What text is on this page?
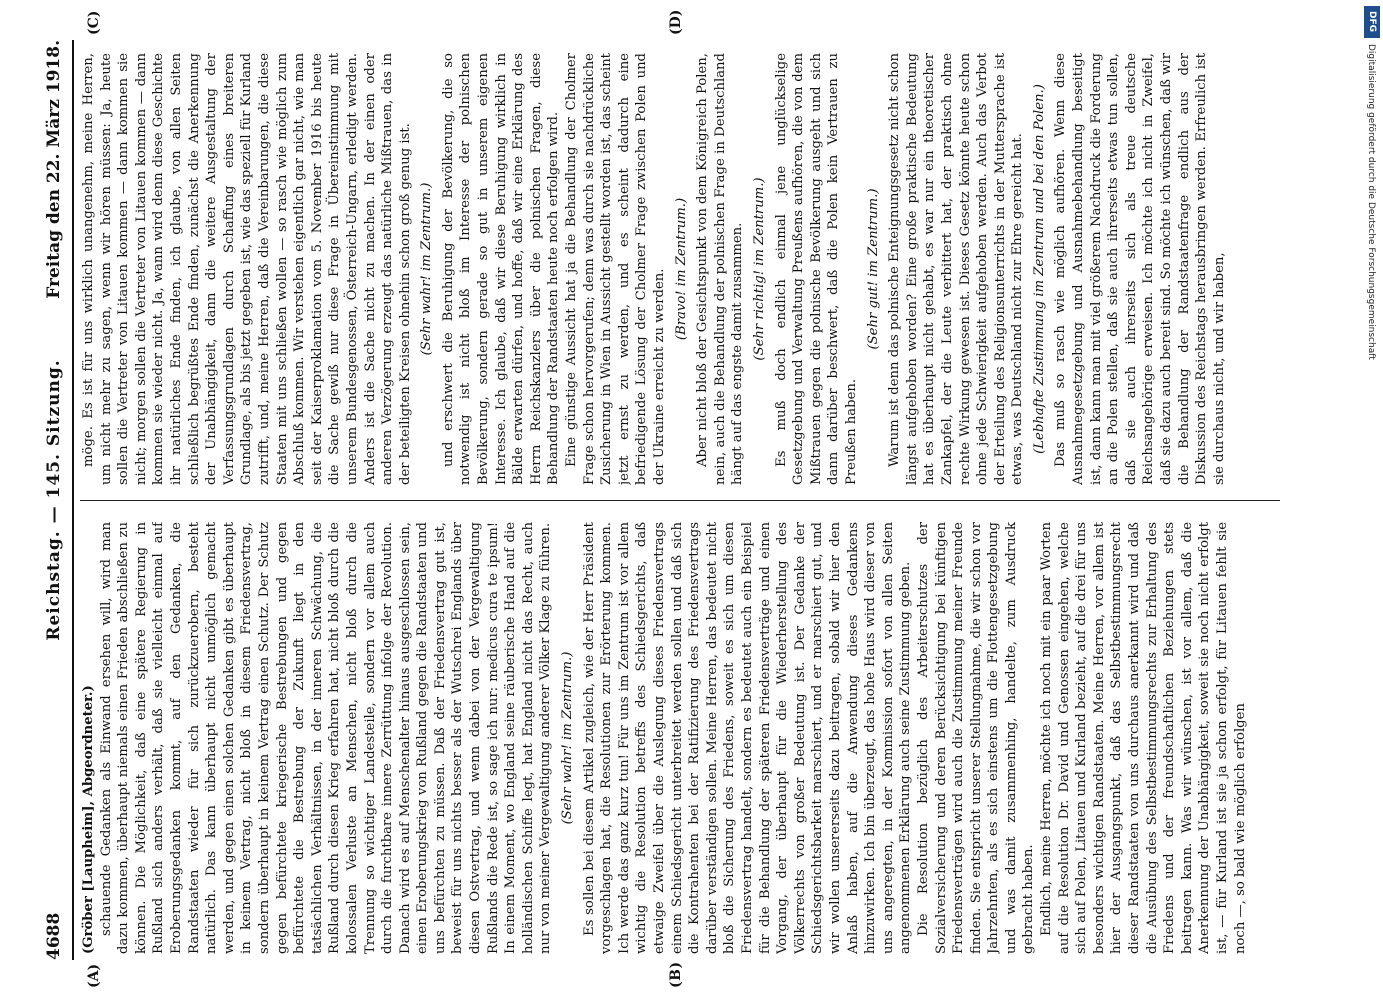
4688
Reichstag. — 145. Sitzung.
Freitag den 22. März 1918.
(A)	(B)
(C)	(D)

(Gröber [Laupheim], Abgeordneter.) schauende Gedanken als Einwand ersehen will, wird man dazu kommen, überhaupt niemals einen Frieden abschließen zu können. Die Möglichkeit, daß eine spätere Regierung in Rußland sich anders verhält, daß sie vielleicht einmal auf Eroberungsgedanken kommt, auf den Gedanken, die Randstaaten wieder für sich zurückzuerobern, besteht natürlich. Das kann überhaupt nicht unmöglich gemacht werden, und gegen einen solchen Gedanken gibt es überhaupt in keinem Vertrag, nicht bloß in diesem Friedensvertrag, sondern überhaupt in keinem Vertrag einen Schutz. Der Schutz gegen befürchtete kriegerische Bestrebungen und gegen befürchtete die Bestrebung der Zukunft liegt in den tatsächlichen Verhältnissen, in der inneren Schwächung, die Rußland durch diesen Krieg erfahren hat, nicht bloß durch die kolossalen Verluste an Menschen, nicht bloß durch die Trennung so wichtiger Landesteile, sondern vor allem auch durch die furchtbare innere Zerrüttung infolge der Revolution. Danach wird es auf Menschenalter hinaus ausgeschlossen sein, einen Eroberungskrieg von Rußland gegen die Randstaaten und uns befürchten zu müssen. Daß der Friedensvertrag gut ist, beweist für uns nichts besser als der Wutschrei Englands über diesen Ostvertrag, und wenn dabei von der Vergewaltigung Rußlands die Rede ist, so sage ich nur: medicus cura te ipsum! In einem Moment, wo England seine räuberische Hand auf die holländischen Schiffe legt, hat England nicht das Recht, auch nur von meiner Vergewaltigung anderer Völker Klage zu führen. (Sehr wahr! im Zentrum.) Es sollen bei diesem Artikel zugleich, wie der Herr Präsident vorgeschlagen hat, die Resolutionen zur Erörterung kommen. Ich werde das ganz kurz tun! Für uns im Zentrum ist vor allem wichtig die Resolution betreffs des Schiedsgerichts, daß etwaige Zweifel über die Auslegung dieses Friedensvertrags einem Schiedsgericht unterbreitet werden sollen und daß sich die Kontrahenten bei der Ratifizierung des Friedensvertrags darüber verständigen sollen. Meine Herren, das bedeutet nicht bloß die Sicherung des Friedens, soweit es sich um diesen Friedensvertrag handelt, sondern es bedeutet auch ein Beispiel für die Behandlung der späteren Friedensverträge und einen Vorgang, der überhaupt für die Wiederherstellung des Völkerrechts von großer Bedeutung ist. Der Gedanke der Schiedsgerichtsbarkeit marschiert, und er marschiert gut, und wir wollen unsererseits dazu beitragen, sobald wir hier den Anlaß haben, auf die Anwendung dieses Gedankens hinzuwirken. Ich bin überzeugt, das hohe Haus wird dieser von uns angeregten, in der Kommission sofort von allen Seiten angenommenen Erklärung auch seine Zustimmung geben. Die Resolution bezüglich des Arbeiterschutzes der Sozialversicherung und deren Berücksichtigung bei künftigen Friedensverträgen wird auch die Zustimmung meiner Freunde finden. Sie entspricht unserer Stellungnahme, die wir schon vor Jahrzehnten, als es sich einstens um die Flottengesetzgebung und was damit zusammenhing, handelte, zum Ausdruck gebracht haben. Endlich, meine Herren, möchte ich noch mit ein paar Worten auf die Resolution Dr. David und Genossen eingehen, welche sich auf Polen, Litauen und Kurland bezieht, auf die drei für uns besonders wichtigen Randstaaten. Meine Herren, vor allem ist hier der Ausgangspunkt, daß das Selbstbestimmungsrecht dieser Randstaaten von uns durchaus anerkannt wird und daß die Ausübung des Selbstbestimmungsrechts zur Erhaltung des Friedens und der freundschaftlichen Beziehungen stets beitragen kann. Was wir wünschen, ist vor allem, daß die Anerkennung der Unabhängigkeit, soweit sie noch nicht erfolgt ist, — für Kurland ist sie ja schon erfolgt, für Litauen fehlt sie noch —, so bald wie möglich erfolgen

möge. Es ist für uns wirklich unangenehm, meine Herren, um nicht mehr zu sagen, wenn wir hören müssen: Ja, heute sollen die Vertreter von Litauen kommen — dann kommen sie nicht; morgen sollen die Vertreter von Litauen kommen — dann kommen sie wieder nicht. Ja, wann wird denn diese Geschichte ihr natürliches Ende finden, ich glaube, von allen Seiten schließlich begrüßtes Ende finden, zunächst die Anerkennung der Unabhängigkeit, dann die weitere Ausgestaltung der Verfassungsgrundlagen durch Schaffung eines breiteren Grundlage, als bis jetzt gegeben ist, wie das speziell für Kurland zutrifft, und, meine Herren, daß die Vereinbarungen, die diese Staaten mit uns schließen wollen — so rasch wie möglich zum Abschluß kommen. Wir verstehen eigentlich gar nicht, wie man seit der Kaiserproklamation vom 5. November 1916 bis heute die Sache gewiß nur diese Frage in Übereinstimmung mit unserem Bundesgenossen, Österreich-Ungarn, erledigt werden. Anders ist die Sache nicht zu machen. In der einen oder anderen Verzögerung erzeugt das natürliche Mißtrauen, das in der beteiligten Kreisen ohnehin schon groß genug ist. (Sehr wahr! im Zentrum.) und erschwert die Beruhigung der Bevölkerung, die so notwendig ist nicht bloß im Interesse der polnischen Bevölkerung, sondern gerade so gut in unserem eigenen Interesse. Ich glaube, daß wir diese Beruhigung wirklich in Bälde erwarten dürfen, und hoffe, daß wir eine Erklärung des Herrn Reichskanzlers über die polnischen Fragen, diese Behandlung der Randstaaten heute noch erfolgen wird. Eine günstige Aussicht hat ja die Behandlung der Cholmer Frage schon hervorgerufen; denn was durch sie nachdrückliche Zusicherung in Wien in Aussicht gestellt worden ist, das scheint jetzt ernst zu werden, und es scheint dadurch eine befriedigende Lösung der Cholmer Frage zwischen Polen und der Ukraine erreicht zu werden. (Bravo! im Zentrum.) Aber nicht bloß der Gesichtspunkt von dem Königreich Polen, nein, auch die Behandlung der polnischen Frage in Deutschland hängt auf das engste damit zusammen. (Sehr richtig! im Zentrum.) Es muß doch endlich einmal jene unglückselige Gesetzgebung und Verwaltung Preußens aufhören, die von dem Mißtrauen gegen die polnische Bevölkerung ausgeht und sich dann darüber beschwert, daß die Polen kein Vertrauen zu Preußen haben.

(Sehr gut! im Zentrum.) Warum ist denn das polnische Enteignungsgesetz nicht schon längst aufgehoben worden? Eine große praktische Bedeutung hat es überhaupt nicht gehabt, es war nur ein theoretischer Zankapfel, der die Leute verbittert hat, der praktisch ohne rechte Wirkung gewesen ist. Dieses Gesetz könnte heute schon ohne jede Schwierigkeit aufgehoben werden. Auch das Verbot der Erteilung des Religionsunterrichts in der Muttersprache ist etwas, was Deutschland nicht zur Ehre gereicht hat. (Lebhafte Zustimmung im Zentrum und bei den Polen.) Das muß so rasch wie möglich aufhören. Wenn diese Ausnahmegesetzgebung und Ausnahmebehandlung beseitigt ist, dann kann man mit viel größerem Nachdruck die Forderung an die Polen stellen, daß sie auch ihrerseits etwas tun sollen, daß sie auch ihrerseits sich als treue deutsche Reichsangehörige erweisen. Ich möchte ich nicht in Zweifel, daß sie dazu auch bereit sind. So möchte ich wünschen, daß wir die Behandlung der Randstaatenfrage endlich aus der Diskussion des Reichstags herausbringen werden. Erfreulich ist sie durchaus nicht, und wir haben,

DFG
Digitalisierung gefördert durch die Deutsche Forschungsgemeinschaft
